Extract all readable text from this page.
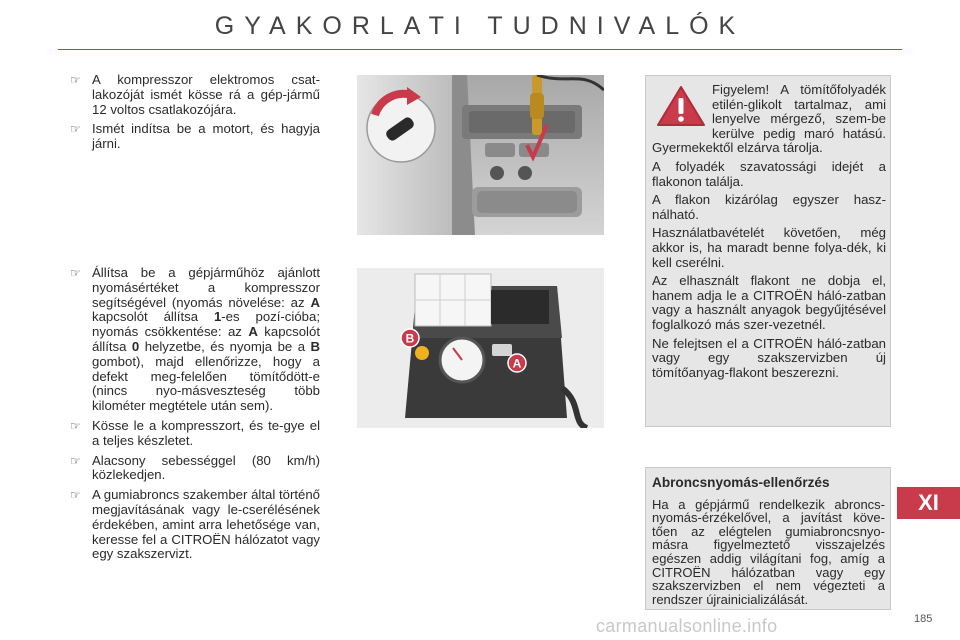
GYAKORLATI TUDNIVALÓK
☞ A kompresszor elektromos csat-lakozóját ismét kösse rá a gép-jármű 12 voltos csatlakozójára.
☞ Ismét indítsa be a motort, és hagyja járni.
☞ Állítsa be a gépjárműhöz ajánlott nyomásértéket a kompresszor segítségével (nyomás növelése: az A kapcsolót állítsa 1-es pozí-cióba; nyomás csökkentése: az A kapcsolót állítsa 0 helyzetbe, és nyomja be a B gombot), majd ellenőrizze, hogy a defekt meg-felelően tömítődött-e (nincs nyo-másveszteség több kilométer megtétele után sem).
☞ Kösse le a kompresszort, és te-gye el a teljes készletet.
☞ Alacsony sebességgel (80 km/h) közlekedjen.
☞ A gumiabroncs szakember által történő megjavításának vagy le-cserélésének érdekében, amint arra lehetősége van, keresse fel a CITROËN hálózatot vagy egy szakszervizt.
B
A

Figyelem! A tömítőfolyadék etilén-glikolt tartalmaz, ami lenyelve mérgező, szem-be kerülve pedig maró hatású. Gyermekektől elzárva tárolja.

A folyadék szavatossági idejét a flakonon találja.

A flakon kizárólag egyszer hasz-nálható.

Használatbavételét követően, még akkor is, ha maradt benne folya-dék, ki kell cserélni.

Az elhasznált flakont ne dobja el, hanem adja le a CITROËN háló-zatban vagy a használt anyagok begyűjtésével foglalkozó más szer-vezetnél.

Ne felejtsen el a CITROËN háló-zatban vagy egy szakszervizben új tömítőanyag-flakont beszerezni.

Abroncsnyomás-ellenőrzés

Ha a gépjármű rendelkezik abroncs-nyomás-érzékelővel, a javítást köve-tően az elégtelen gumiabroncsnyo-másra figyelmeztető visszajelzés egészen addig világítani fog, amíg a CITROËN hálózatban vagy egy szakszervizben el nem végezteti a rendszer újrainicializálását.

XI
carmanualsonline.info	185
